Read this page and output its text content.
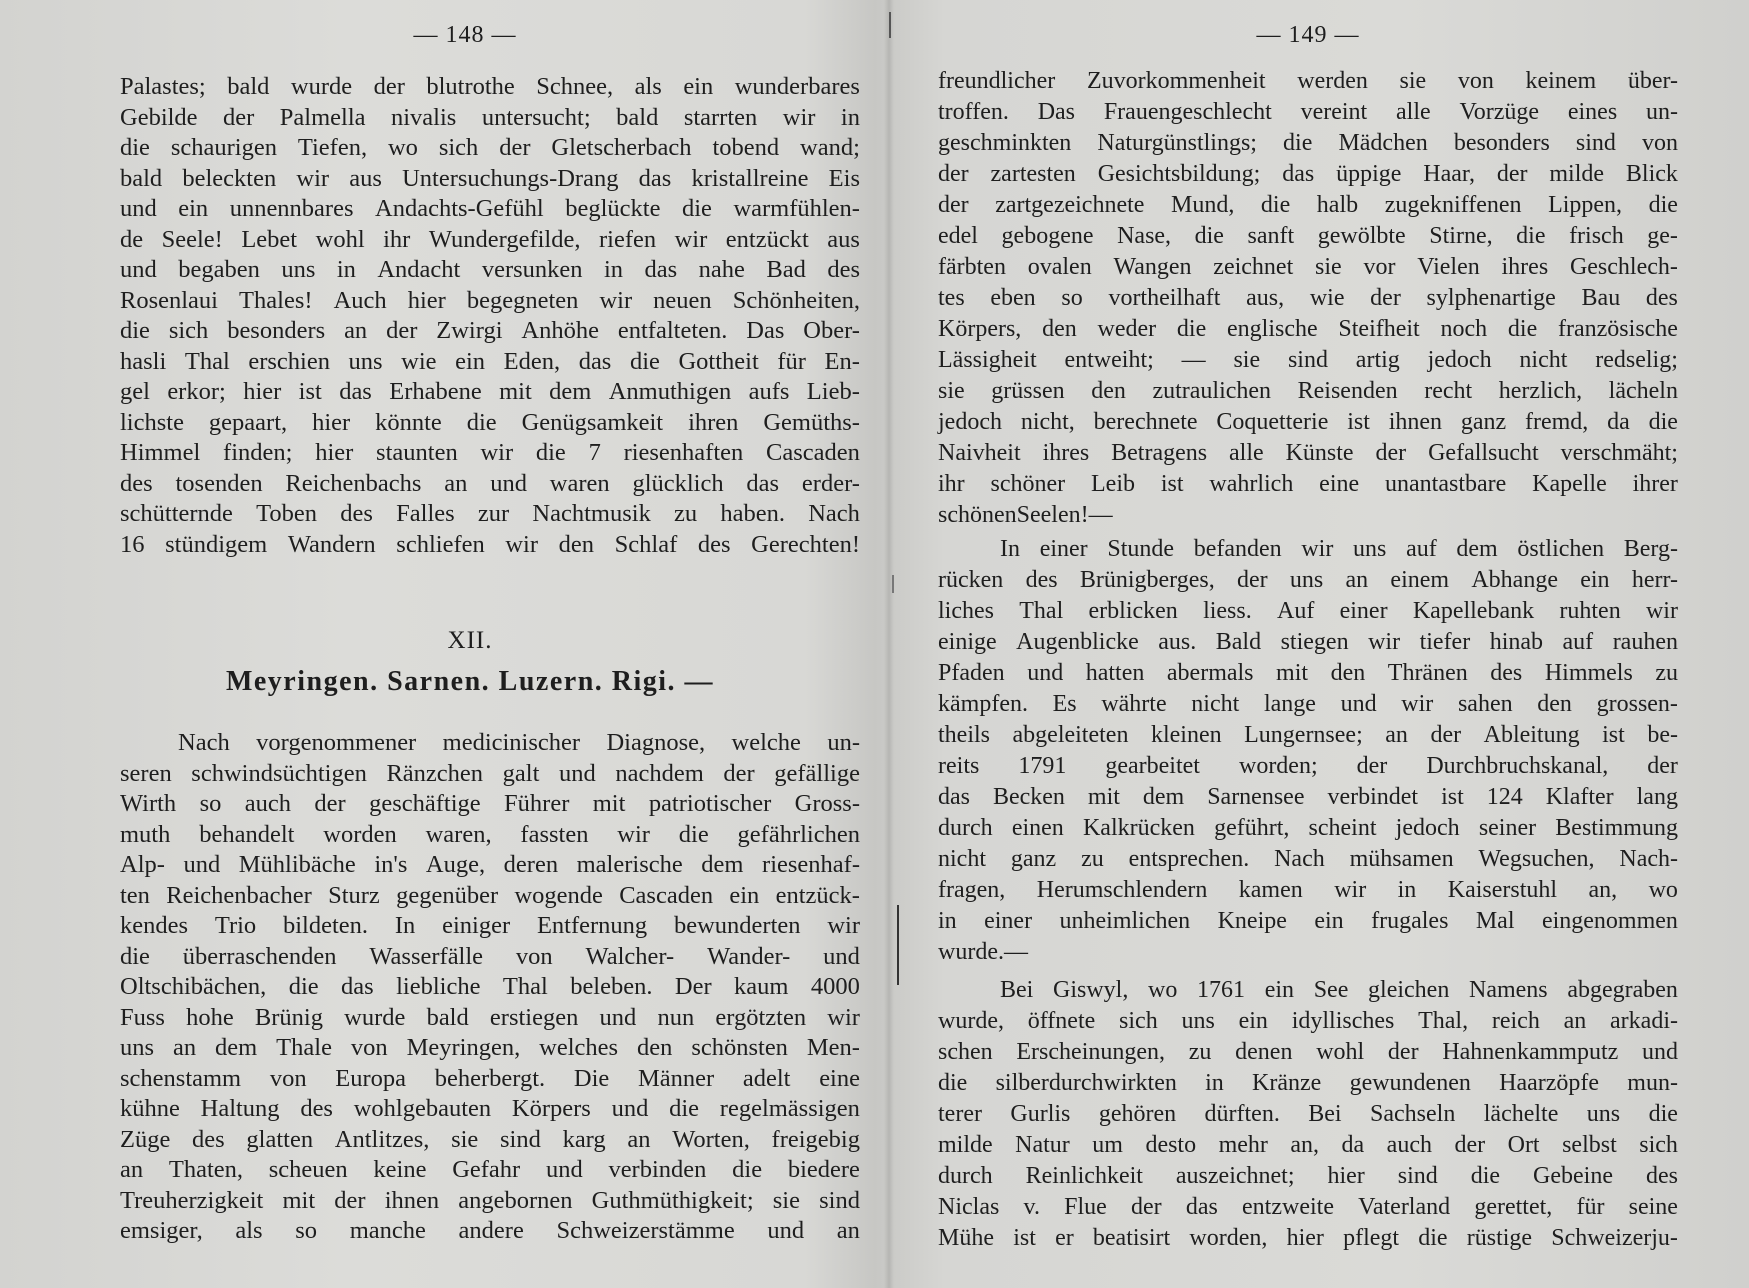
— 148 —
Palastes; bald wurde der blutrothe Schnee, als ein wunderbares
Gebilde der Palmella nivalis untersucht; bald starrten wir in
die schaurigen Tiefen, wo sich der Gletscherbach tobend wand;
bald beleckten wir aus Untersuchungs-Drang das kristallreine Eis
und ein unnennbares Andachts-Gefühl beglückte die warmfühlen-
de Seele! Lebet wohl ihr Wundergefilde, riefen wir entzückt aus
und begaben uns in Andacht versunken in das nahe Bad des
Rosenlaui Thales! Auch hier begegneten wir neuen Schönheiten,
die sich besonders an der Zwirgi Anhöhe entfalteten. Das Ober-
hasli Thal erschien uns wie ein Eden, das die Gottheit für En-
gel erkor; hier ist das Erhabene mit dem Anmuthigen aufs Lieb-
lichste gepaart, hier könnte die Genügsamkeit ihren Gemüths-
Himmel finden; hier staunten wir die 7 riesenhaften Cascaden
des tosenden Reichenbachs an und waren glücklich das erder-
schütternde Toben des Falles zur Nachtmusik zu haben. Nach
16 stündigem Wandern schliefen wir den Schlaf des Gerechten!
XII.
Meyringen. Sarnen. Luzern. Rigi. —
Nach vorgenommener medicinischer Diagnose, welche un-
seren schwindsüchtigen Ränzchen galt und nachdem der gefällige
Wirth so auch der geschäftige Führer mit patriotischer Gross-
muth behandelt worden waren, fassten wir die gefährlichen
Alp- und Mühlibäche in's Auge, deren malerische dem riesenhaf-
ten Reichenbacher Sturz gegenüber wogende Cascaden ein entzück-
kendes Trio bildeten. In einiger Entfernung bewunderten wir
die überraschenden Wasserfälle von Walcher- Wander- und
Oltschibächen, die das liebliche Thal beleben. Der kaum 4000
Fuss hohe Brünig wurde bald erstiegen und nun ergötzten wir
uns an dem Thale von Meyringen, welches den schönsten Men-
schenstamm von Europa beherbergt. Die Männer adelt eine
kühne Haltung des wohlgebauten Körpers und die regelmässigen
Züge des glatten Antlitzes, sie sind karg an Worten, freigebig
an Thaten, scheuen keine Gefahr und verbinden die biedere
Treuherzigkeit mit der ihnen angebornen Guthmüthigkeit; sie sind
emsiger, als so manche andere Schweizerstämme und an
— 149 —
freundlicher Zuvorkommenheit werden sie von keinem über-
troffen. Das Frauengeschlecht vereint alle Vorzüge eines un-
geschminkten Naturgünstlings; die Mädchen besonders sind von
der zartesten Gesichtsbildung; das üppige Haar, der milde Blick
der zartgezeichnete Mund, die halb zugekniffenen Lippen, die
edel gebogene Nase, die sanft gewölbte Stirne, die frisch ge-
färbten ovalen Wangen zeichnet sie vor Vielen ihres Geschlech-
tes eben so vortheilhaft aus, wie der sylphenartige Bau des
Körpers, den weder die englische Steifheit noch die französische
Lässigheit entweiht; — sie sind artig jedoch nicht redselig;
sie grüssen den zutraulichen Reisenden recht herzlich, lächeln
jedoch nicht, berechnete Coquetterie ist ihnen ganz fremd, da die
Naivheit ihres Betragens alle Künste der Gefallsucht verschmäht;
ihr schöner Leib ist wahrlich eine unantastbare Kapelle ihrer
schönen Seelen! —
In einer Stunde befanden wir uns auf dem östlichen Berg-
rücken des Brünigberges, der uns an einem Abhange ein herr-
liches Thal erblicken liess. Auf einer Kapellebank ruhten wir
einige Augenblicke aus. Bald stiegen wir tiefer hinab auf rauhen
Pfaden und hatten abermals mit den Thränen des Himmels zu
kämpfen. Es währte nicht lange und wir sahen den grossen-
theils abgeleiteten kleinen Lungernsee; an der Ableitung ist be-
reits 1791 gearbeitet worden; der Durchbruchskanal, der
das Becken mit dem Sarnensee verbindet ist 124 Klafter lang
durch einen Kalkrücken geführt, scheint jedoch seiner Bestimmung
nicht ganz zu entsprechen. Nach mühsamen Wegsuchen, Nach-
fragen, Herumschlendern kamen wir in Kaiserstuhl an, wo
in einer unheimlichen Kneipe ein frugales Mal eingenommen
wurde. —
Bei Giswyl, wo 1761 ein See gleichen Namens abgegraben
wurde, öffnete sich uns ein idyllisches Thal, reich an arkadi-
schen Erscheinungen, zu denen wohl der Hahnenkammputz und
die silberdurchwirkten in Kränze gewundenen Haarzöpfe mun-
terer Gurlis gehören dürften. Bei Sachseln lächelte uns die
milde Natur um desto mehr an, da auch der Ort selbst sich
durch Reinlichkeit auszeichnet; hier sind die Gebeine des
Niclas v. Flue der das entzweite Vaterland gerettet, für seine
Mühe ist er beatisirt worden, hier pflegt die rüstige Schweizerju-
